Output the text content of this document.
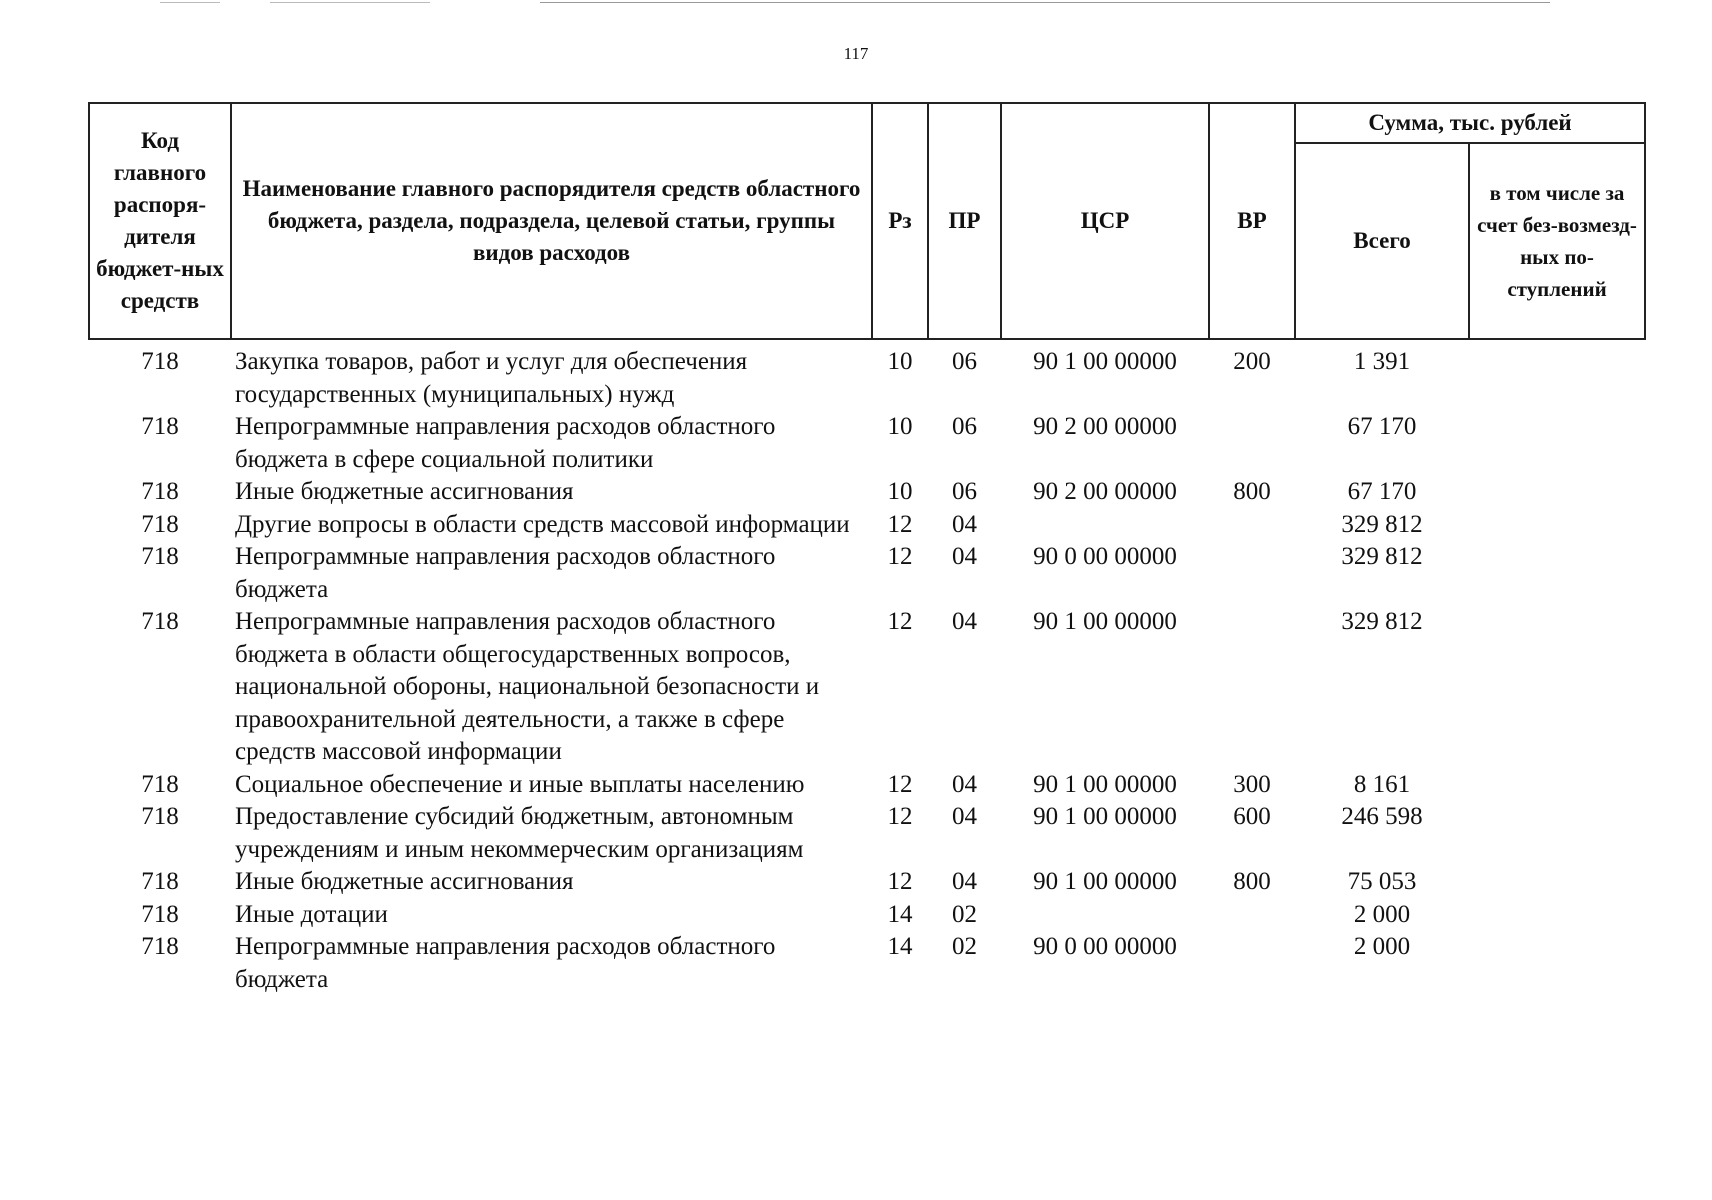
117
Код главного распоря-дителя бюджет-ных средств	Наименование главного распорядителя средств областного бюджета, раздела, подраздела, целевой статьи, группы видов расходов	Рз	ПР	ЦСР	ВР	Сумма, тыс. рублей	
						Всего	в том числе за счет без-возмезд-ных по-ступлений
718	Закупка товаров, работ и услуг для обеспечения государственных (муниципальных) нужд	10	06	90 1 00 00000	200	1 391	
718	Непрограммные направления расходов областного бюджета в сфере социальной политики	10	06	90 2 00 00000		67 170	
718	Иные бюджетные ассигнования	10	06	90 2 00 00000	800	67 170	
718	Другие вопросы в области средств массовой информации	12	04			329 812	
718	Непрограммные направления расходов областного бюджета	12	04	90 0 00 00000		329 812	
718	Непрограммные направления расходов областного бюджета в области общегосударственных вопросов, национальной обороны, национальной безопасности и правоохранительной деятельности, а также в сфере средств массовой информации	12	04	90 1 00 00000		329 812	
718	Социальное обеспечение и иные выплаты населению	12	04	90 1 00 00000	300	8 161	
718	Предоставление субсидий бюджетным, автономным учреждениям и иным некоммерческим организациям	12	04	90 1 00 00000	600	246 598	
718	Иные бюджетные ассигнования	12	04	90 1 00 00000	800	75 053	
718	Иные дотации	14	02			2 000	
718	Непрограммные направления расходов областного бюджета	14	02	90 0 00 00000		2 000	
